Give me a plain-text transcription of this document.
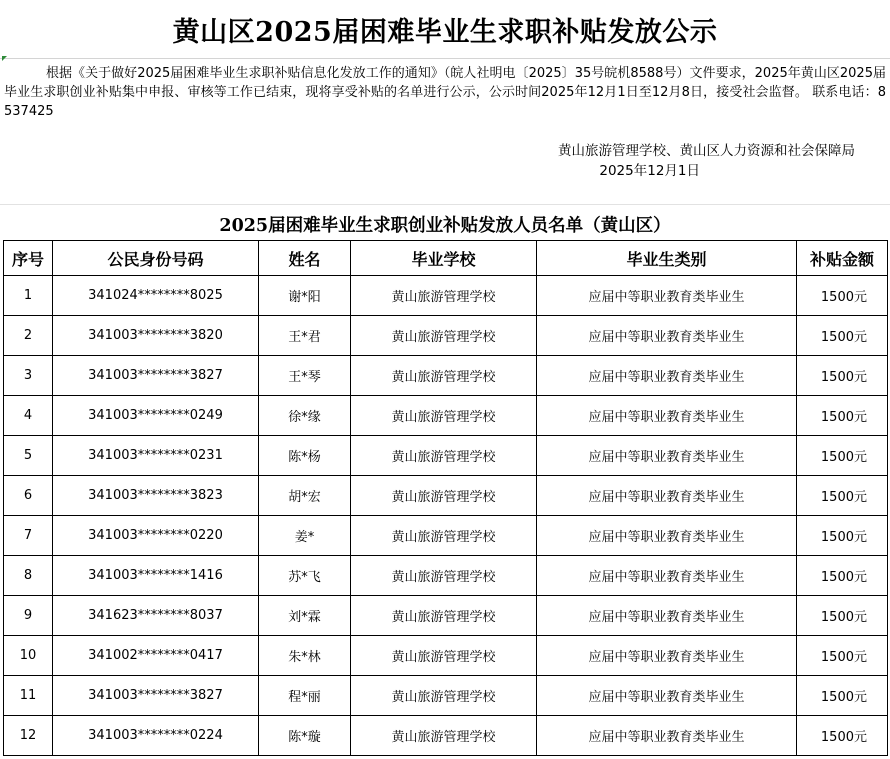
黄山区2025届困难毕业生求职补贴发放公示
根据《关于做好2025届困难毕业生求职补贴信息化发放工作的通知》（皖人社明电〔2025〕35号皖机8588号）文件要求，2025年黄山区2025届毕业生求职创业补贴集中申报、审核等工作已结束，现将享受补贴的名单进行公示，公示时间2025年12月1日至12月8日，接受社会监督。 联系电话：8537425
黄山旅游管理学校、黄山区人力资源和社会保障局
2025年12月1日
2025届困难毕业生求职创业补贴发放人员名单（黄山区）
序号	公民身份号码	姓名	毕业学校	毕业生类别	补贴金额
1	341024********8025	谢*阳	黄山旅游管理学校	应届中等职业教育类毕业生	1500元
2	341003********3820	王*君	黄山旅游管理学校	应届中等职业教育类毕业生	1500元
3	341003********3827	王*琴	黄山旅游管理学校	应届中等职业教育类毕业生	1500元
4	341003********0249	徐*缘	黄山旅游管理学校	应届中等职业教育类毕业生	1500元
5	341003********0231	陈*杨	黄山旅游管理学校	应届中等职业教育类毕业生	1500元
6	341003********3823	胡*宏	黄山旅游管理学校	应届中等职业教育类毕业生	1500元
7	341003********0220	姜*	黄山旅游管理学校	应届中等职业教育类毕业生	1500元
8	341003********1416	苏*飞	黄山旅游管理学校	应届中等职业教育类毕业生	1500元
9	341623********8037	刘*霖	黄山旅游管理学校	应届中等职业教育类毕业生	1500元
10	341002********0417	朱*林	黄山旅游管理学校	应届中等职业教育类毕业生	1500元
11	341003********3827	程*丽	黄山旅游管理学校	应届中等职业教育类毕业生	1500元
12	341003********0224	陈*璇	黄山旅游管理学校	应届中等职业教育类毕业生	1500元
